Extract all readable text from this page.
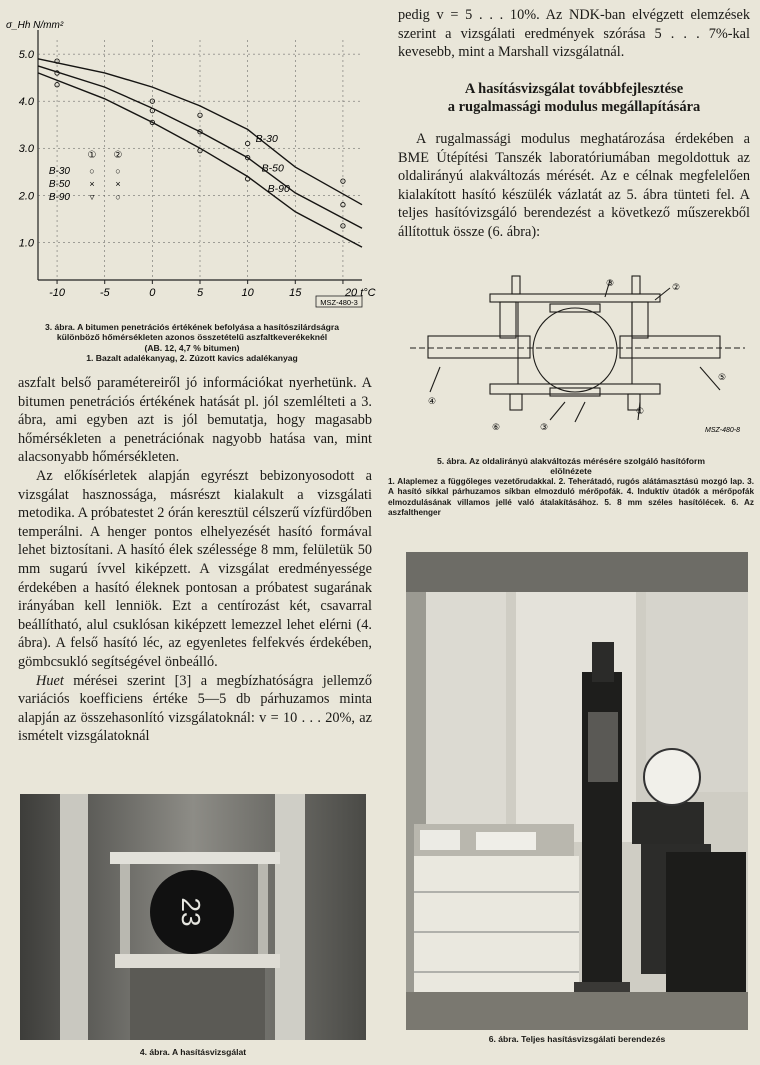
B-30
B-50
B-90
1.0
2.0
3.0
4.0
5.0
-10	-5	0	5	10	15	20 t°C
σ_Hh N/mm²
① ②
B-30 ○ ○
B-50 × ×
B-90 ▿ ○
MSZ-480-3
3. ábra. A bitumen penetrációs értékének befolyása a hasítószilárdságra
különböző hőmérsékleten azonos összetételű aszfaltkeverékeknél
(AB. 12, 4,7 % bitumen)
1. Bazalt adalékanyag, 2. Zúzott kavics adalékanyag

aszfalt belső paramétereiről jó információkat nyerhetünk. A bitumen penetrációs értékének hatását pl. jól szemlélteti a 3. ábra, ami egyben azt is jól bemutatja, hogy magasabb hőmérsékleten a penetrációnak nagyobb hatása van, mint alacsonyabb hőmérsékleten.

Az előkísérletek alapján egyrészt bebizonyosodott a vizsgálat hasznossága, másrészt kialakult a vizsgálati metodika. A próbatestet 2 órán keresztül célszerű vízfürdőben temperálni. A henger pontos elhelyezését hasító formával lehet biztosítani. A hasító élek szélessége 8 mm, felületük 50 mm sugarú ívvel kiképzett. A vizsgálat eredményessége érdekében a hasító éleknek pontosan a próbatest sugarának irányában kell lenniök. Ezt a centírozást két, csavarral beállítható, alul csuklósan kiképzett lemezzel lehet elérni (4. ábra). A felső hasító léc, az egyenletes felfekvés érdekében, gömbcsukló segítségével önbeálló.

Huet mérései szerint [3] a megbízhatóságra jellemző variációs koefficiens értéke 5—5 db párhuzamos minta alapján az összehasonlító vizsgálatoknál: v = 10 . . . 20%, az ismételt vizsgálatoknál

23
4. ábra. A hasításvizsgálat
pedig v = 5 . . . 10%. Az NDK-ban elvégzett elemzések szerint a vizsgálati eredmények szórása 5 . . . 7%-kal kevesebb, mint a Marshall vizsgálatnál.
A hasításvizsgálat továbbfejlesztése
a rugalmassági modulus megállapítására
A rugalmassági modulus meghatározása érdekében a BME Útépítési Tanszék laboratóriumában megoldottuk az oldalirányú alakváltozás mérését. Az e célnak megfelelően kialakított hasító készülék vázlatát az 5. ábra tünteti fel. A teljes hasítóvizsgáló berendezést a következő műszerekből állítottuk össze (6. ábra):
④
⑤
③	②
⑥	③
①
MSZ-480-8
5. ábra. Az oldalirányú alakváltozás mérésére szolgáló hasítóform
elölnézete
1. Alaplemez a függőleges vezetőrudakkal. 2. Teherátadó, rugós alátámasztású mozgó lap. 3. A hasító síkkal párhuzamos síkban elmozduló mérőpofák. 4. Induktív útadók a mérőpofák elmozdulásának villamos jellé való átalakításához. 5. 8 mm széles hasítólécek. 6. Az aszfalthenger
6. ábra. Teljes hasításvizsgálati berendezés
